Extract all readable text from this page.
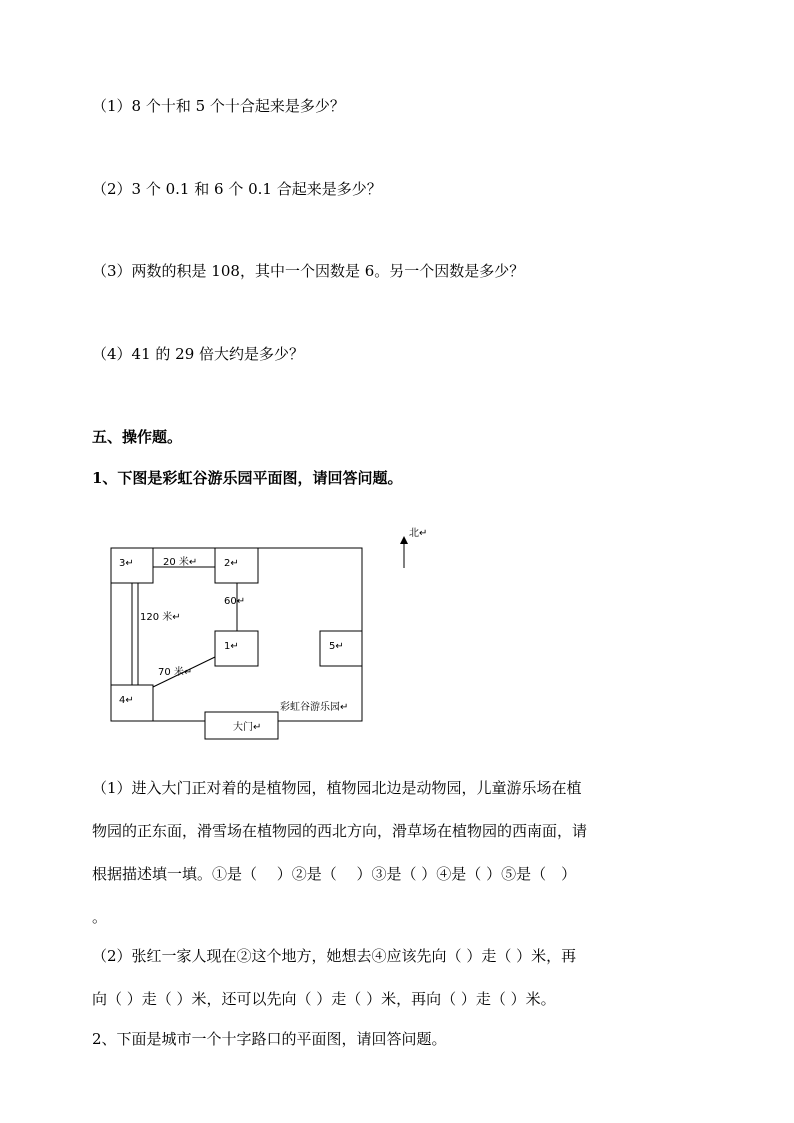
（1）8 个十和 5 个十合起来是多少？
（2）3 个 0.1 和 6 个 0.1 合起来是多少？
（3）两数的积是 108，其中一个因数是 6。另一个因数是多少？
（4）41 的 29 倍大约是多少？
五、操作题。
1、下图是彩虹谷游乐园平面图，请回答问题。
北↵
3↵	2↵
1↵	5↵
4↵
20 米↵
60↵
120 米↵
70 米↵
彩虹谷游乐园↵
大门↵
（1）进入大门正对着的是植物园，植物园北边是动物园，儿童游乐场在植
物园的正东面，滑雪场在植物园的西北方向，滑草场在植物园的西南面，请
根据描述填一填。①是（　 ）②是（　 ）③是（ ）④是（ ）⑤是（　）
。
（2）张红一家人现在②这个地方，她想去④应该先向（ ）走（ ）米，再
向（ ）走（ ）米，还可以先向（ ）走（ ）米，再向（ ）走（ ）米。
2、下面是城市一个十字路口的平面图，请回答问题。
